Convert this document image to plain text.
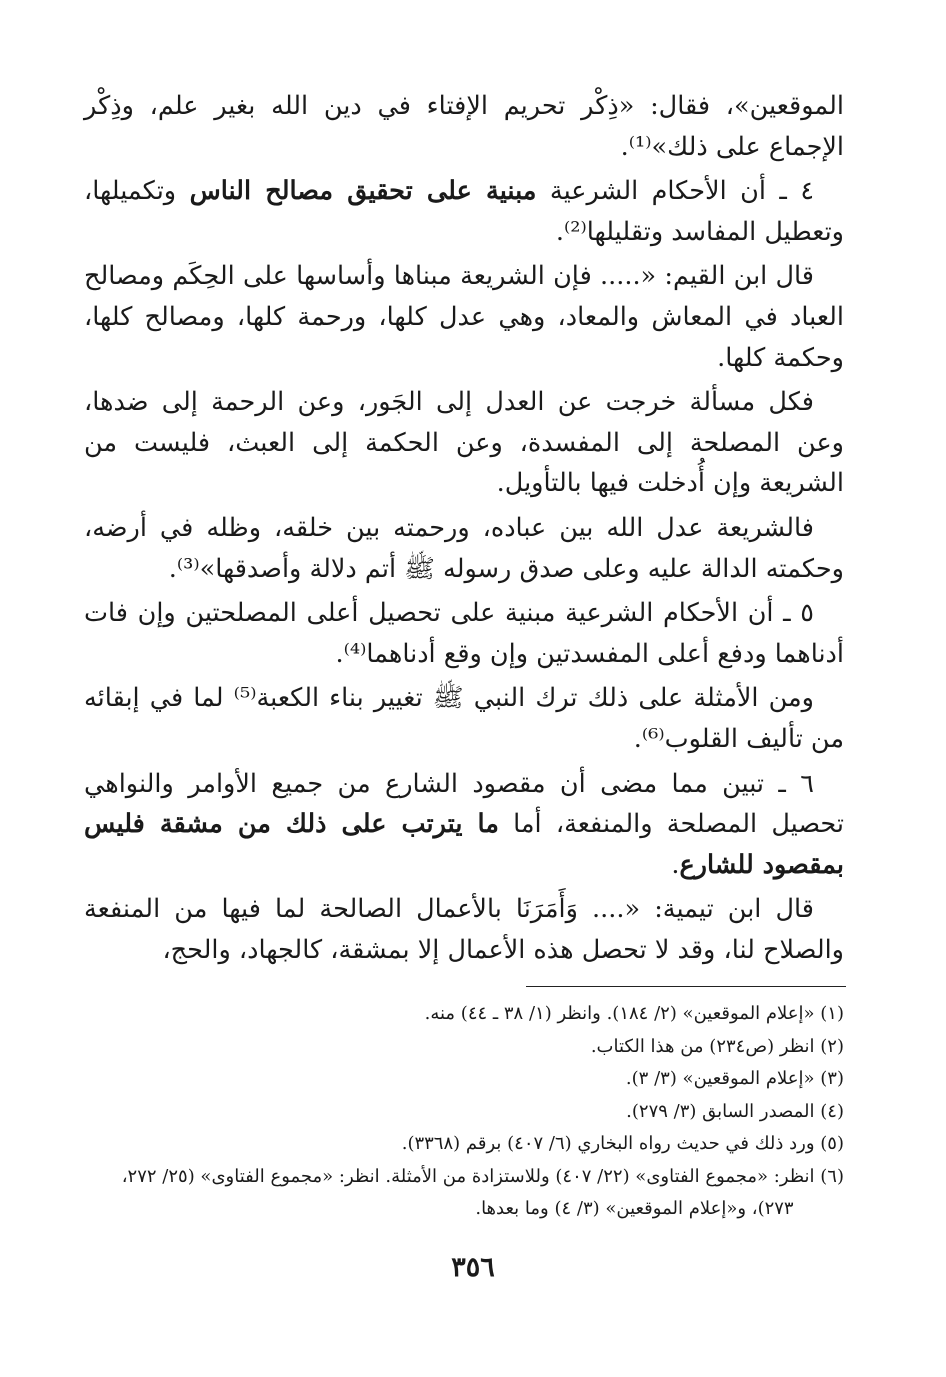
الموقعين»، فقال: «ذِكْر تحريم الإفتاء في دين الله بغير علم، وذِكْر الإجماع على ذلك»⁽¹⁾.

٤ ـ أن الأحكام الشرعية مبنية على تحقيق مصالح الناس وتكميلها، وتعطيل المفاسد وتقليلها⁽²⁾.

قال ابن القيم: «..... فإن الشريعة مبناها وأساسها على الحِكَم ومصالح العباد في المعاش والمعاد، وهي عدل كلها، ورحمة كلها، ومصالح كلها، وحكمة كلها.

فكل مسألة خرجت عن العدل إلى الجَور، وعن الرحمة إلى ضدها، وعن المصلحة إلى المفسدة، وعن الحكمة إلى العبث، فليست من الشريعة وإن أُدخلت فيها بالتأويل.

فالشريعة عدل الله بين عباده، ورحمته بين خلقه، وظله في أرضه، وحكمته الدالة عليه وعلى صدق رسوله ﷺ أتم دلالة وأصدقها»⁽³⁾.

٥ ـ أن الأحكام الشرعية مبنية على تحصيل أعلى المصلحتين وإن فات أدناهما ودفع أعلى المفسدتين وإن وقع أدناهما⁽⁴⁾.

ومن الأمثلة على ذلك ترك النبي ﷺ تغيير بناء الكعبة⁽⁵⁾ لما في إبقائه من تأليف القلوب⁽⁶⁾.

٦ ـ تبين مما مضى أن مقصود الشارع من جميع الأوامر والنواهي تحصيل المصلحة والمنفعة، أما ما يترتب على ذلك من مشقة فليس بمقصود للشارع.

قال ابن تيمية: «.... وَأَمَرَنَا بالأعمال الصالحة لما فيها من المنفعة والصلاح لنا، وقد لا تحصل هذه الأعمال إلا بمشقة، كالجهاد، والحج،

(١) «إعلام الموقعين» (٢/ ١٨٤). وانظر (١/ ٣٨ ـ ٤٤) منه.

(٢) انظر (ص٢٣٤) من هذا الكتاب.

(٣) «إعلام الموقعين» (٣/ ٣).

(٤) المصدر السابق (٣/ ٢٧٩).

(٥) ورد ذلك في حديث رواه البخاري (٦/ ٤٠٧) برقم (٣٣٦٨).

(٦) انظر: «مجموع الفتاوى» (٢٢/ ٤٠٧) وللاستزادة من الأمثلة. انظر: «مجموع الفتاوى» (٢٥/ ٢٧٢، ٢٧٣)، و«إعلام الموقعين» (٣/ ٤) وما بعدها.

٣٥٦
